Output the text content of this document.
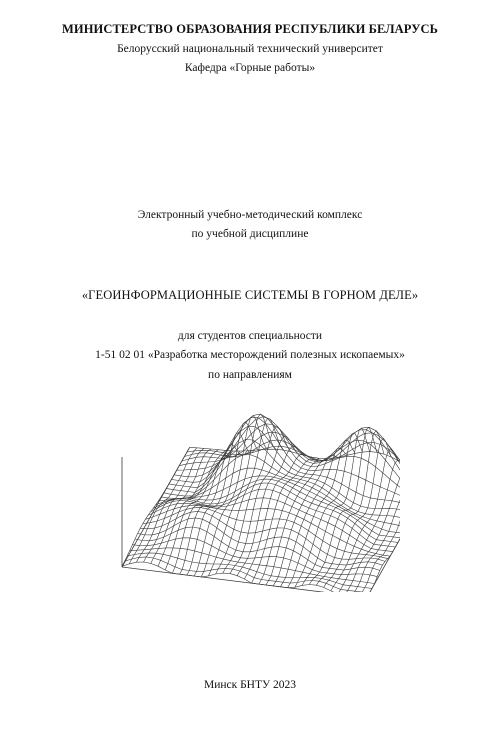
МИНИСТЕРСТВО ОБРАЗОВАНИЯ РЕСПУБЛИКИ БЕЛАРУСЬ
Белорусский национальный технический университет
Кафедра «Горные работы»
Электронный учебно-методический комплекс
по учебной дисциплине
«ГЕОИНФОРМАЦИОННЫЕ СИСТЕМЫ В ГОРНОМ ДЕЛЕ»
для студентов специальности
1-51 02 01 «Разработка месторождений полезных ископаемых»
по направлениям
Минск БНТУ 2023
